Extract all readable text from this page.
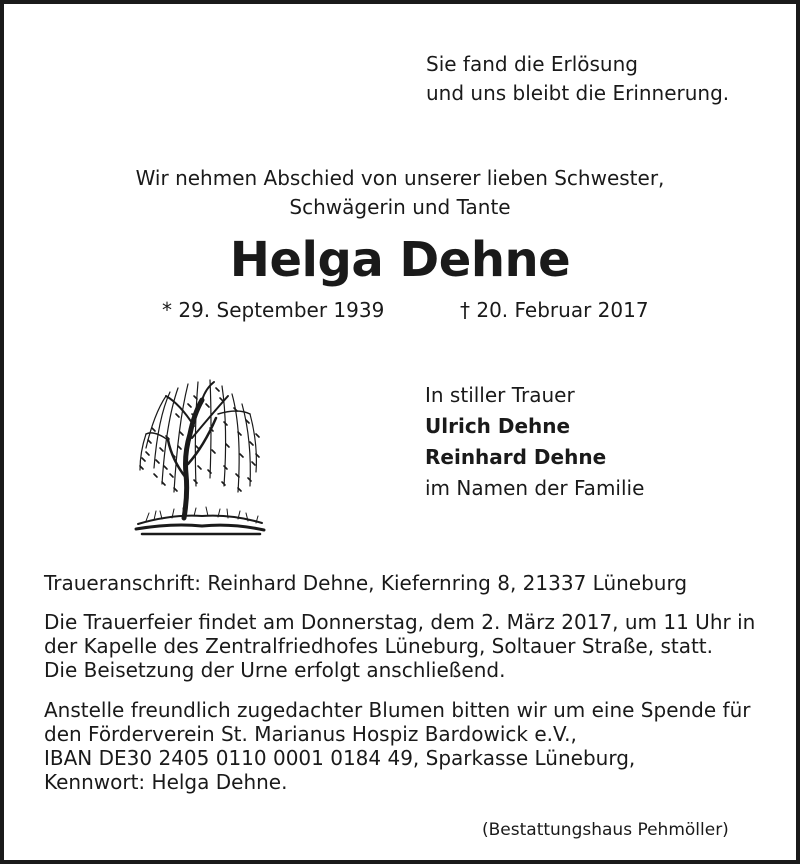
Sie fand die Erlösung
und uns bleibt die Erinnerung.
Wir nehmen Abschied von unserer lieben Schwester,
Schwägerin und Tante
Helga Dehne
* 29. September 1939	† 20. Februar 2017
In stiller Trauer
Ulrich Dehne
Reinhard Dehne
im Namen der Familie
Traueranschrift: Reinhard Dehne, Kiefernring 8, 21337 Lüneburg
Die Trauerfeier findet am Donnerstag, dem 2. März 2017, um 11 Uhr in
der Kapelle des Zentralfriedhofes Lüneburg, Soltauer Straße, statt.
Die Beisetzung der Urne erfolgt anschließend.
Anstelle freundlich zugedachter Blumen bitten wir um eine Spende für
den Förderverein St. Marianus Hospiz Bardowick e.V.,
IBAN DE30 2405 0110 0001 0184 49, Sparkasse Lüneburg,
Kennwort: Helga Dehne.
(Bestattungshaus Pehmöller)
